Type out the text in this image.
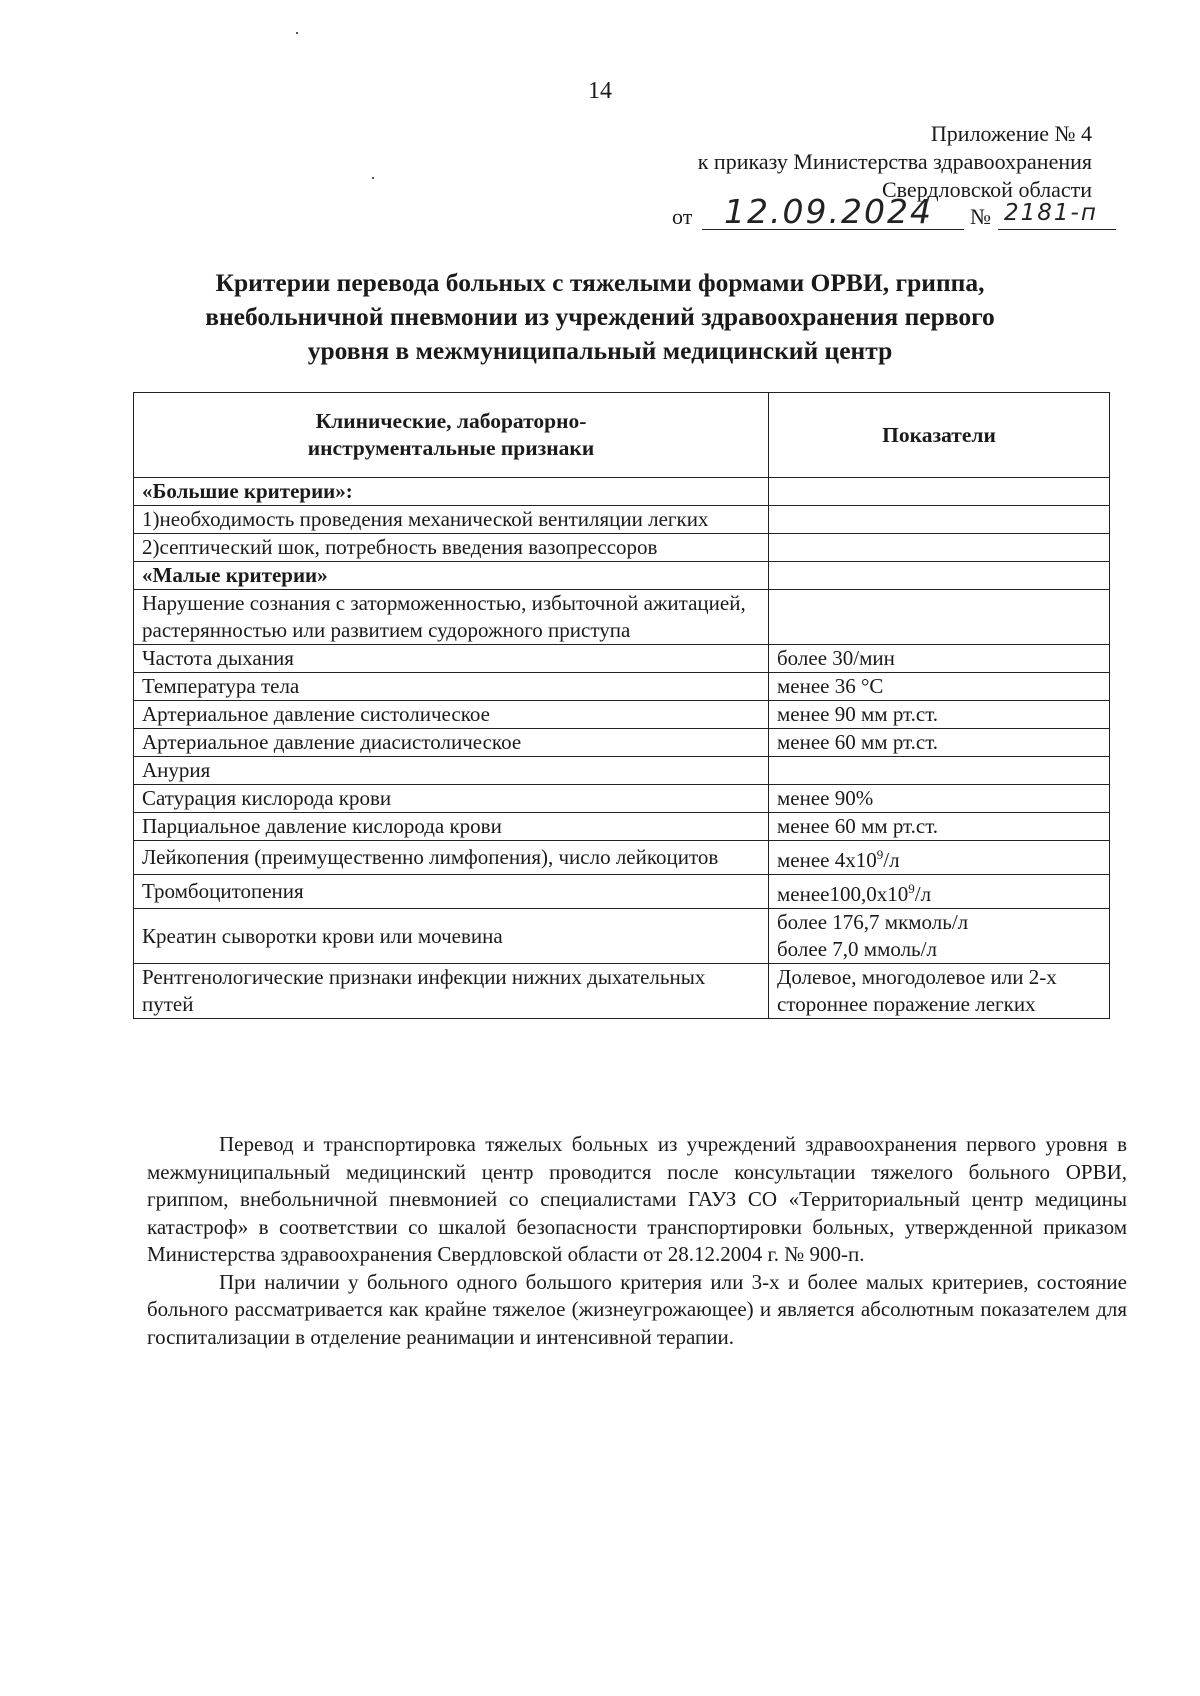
14
Приложение № 4
к приказу Министерства здравоохранения
Свердловской области
от 12.09.2024 № 2181-п
Критерии перевода больных с тяжелыми формами ОРВИ, гриппа,
внебольничной пневмонии из учреждений здравоохранения первого
уровня в межмуниципальный медицинский центр
Клинические, лабораторно-
инструментальные признаки	Показатели
«Большие критерии»:	
1)необходимость проведения механической вентиляции легких	
2)септический шок, потребность введения вазопрессоров	
«Малые критерии»	
Нарушение сознания с заторможенностью, избыточной ажитацией, растерянностью или развитием судорожного приступа	
Частота дыхания	более 30/мин
Температура тела	менее 36 °С
Артериальное давление систолическое	менее 90 мм рт.ст.
Артериальное давление диасистолическое	менее 60 мм рт.ст.
Анурия	
Сатурация кислорода крови	менее 90%
Парциальное давление кислорода крови	менее 60 мм рт.ст.
Лейкопения (преимущественно лимфопения), число лейкоцитов	менее $4х10^9/л$
Тромбоцитопения	$менее100,0х10^9/л$
Креатин сыворотки крови или мочевина	более 176,7 мкмоль/л
более 7,0 ммоль/л

Рентгенологические признаки инфекции нижних дыхательных путей	Долевое, многодолевое или 2-х стороннее поражение легких

Перевод и транспортировка тяжелых больных из учреждений здравоохранения первого уровня в межмуниципальный медицинский центр проводится после консультации тяжелого больного ОРВИ, гриппом, внебольничной пневмонией со специалистами ГАУЗ СО «Территориальный центр медицины катастроф» в соответствии со шкалой безопасности транспортировки больных, утвержденной приказом Министерства здравоохранения Свердловской области от 28.12.2004 г. № 900-п.

При наличии у больного одного большого критерия или 3-х и более малых критериев, состояние больного рассматривается как крайне тяжелое (жизнеугрожающее) и является абсолютным показателем для госпитализации в отделение реанимации и интенсивной терапии.
